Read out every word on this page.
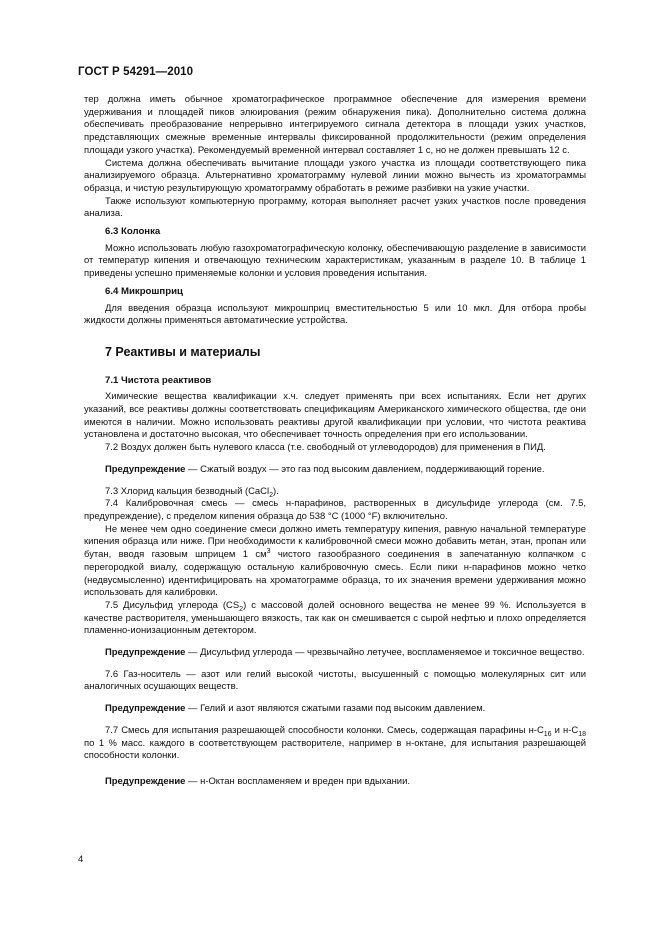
ГОСТ Р 54291—2010

тер должна иметь обычное хроматографическое программное обеспечение для измерения времени удерживания и площадей пиков элюирования (режим обнаружения пика). Дополнительно система должна обеспечивать преобразование непрерывно интегрируемого сигнала детектора в площади узких участков, представляющих смежные временные интервалы фиксированной продолжительности (режим определения площади узкого участка). Рекомендуемый временной интервал составляет 1 с, но не должен превышать 12 с.

Система должна обеспечивать вычитание площади узкого участка из площади соответствующего пика анализируемого образца. Альтернативно хроматограмму нулевой линии можно вычесть из хроматограммы образца, и чистую результирующую хроматограмму обработать в режиме разбивки на узкие участки.

Также используют компьютерную программу, которая выполняет расчет узких участков после проведения анализа.

6.3 Колонка

Можно использовать любую газохроматографическую колонку, обеспечивающую разделение в зависимости от температур кипения и отвечающую техническим характеристикам, указанным в разделе 10. В таблице 1 приведены успешно применяемые колонки и условия проведения испытания.

6.4 Микрошприц

Для введения образца используют микрошприц вместительностью 5 или 10 мкл. Для отбора пробы жидкости должны применяться автоматические устройства.

7 Реактивы и материалы
7.1 Чистота реактивов

Химические вещества квалификации х.ч. следует применять при всех испытаниях. Если нет других указаний, все реактивы должны соответствовать спецификациям Американского химического общества, где они имеются в наличии. Можно использовать реактивы другой квалификации при условии, что чистота реактива установлена и достаточно высокая, что обеспечивает точность определения при его использовании.

7.2 Воздух должен быть нулевого класса (т.е. свободный от углеводородов) для применения в ПИД.

Предупреждение — Сжатый воздух — это газ под высоким давлением, поддерживающий горение.

7.3 Хлорид кальция безводный (CaCl$_2$).

7.4 Калибровочная смесь — смесь н-парафинов, растворенных в дисульфиде углерода (см. 7.5, предупреждение), с пределом кипения образца до 538 °С (1000 °F) включительно.

Не менее чем одно соединение смеси должно иметь температуру кипения, равную начальной температуре кипения образца или ниже. При необходимости к калибровочной смеси можно добавить метан, этан, пропан или бутан, вводя газовым шприцем 1 $см^3$ чистого газообразного соединения в запечатанную колпачком с перегородкой виалу, содержащую остальную калибровочную смесь. Если пики н-парафинов можно четко (недвусмысленно) идентифицировать на хроматограмме образца, то их значения времени удерживания можно использовать для калибровки.

7.5 Дисульфид углерода $(CS_2)$ с массовой долей основного вещества не менее 99 %. Используется в качестве растворителя, уменьшающего вязкость, так как он смешивается с сырой нефтью и плохо определяется пламенно-ионизационным детектором.

Предупреждение — Дисульфид углерода — чрезвычайно летучее, воспламеняемое и токсичное вещество.

7.6 Газ-носитель — азот или гелий высокой чистоты, высушенный с помощью молекулярных сит или аналогичных осушающих веществ.

Предупреждение — Гелий и азот являются сжатыми газами под высоким давлением.

7.7 Смесь для испытания разрешающей способности колонки. Смесь, содержащая парафины $н-С_{16}$ и $н-С_{18}$ по 1 % масс. каждого в соответствующем растворителе, например в н-октане, для испытания разрешающей способности колонки.

Предупреждение — н-Октан воспламеняем и вреден при вдыхании.

4
